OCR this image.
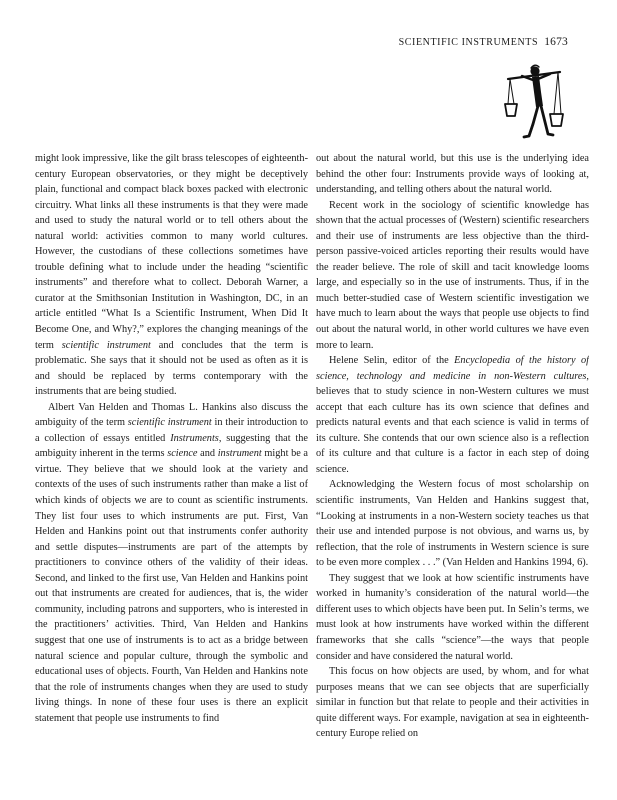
SCIENTIFIC INSTRUMENTS 1673

might look impressive, like the gilt brass telescopes of eighteenth-century European observatories, or they might be deceptively plain, functional and compact black boxes packed with electronic circuitry. What links all these instruments is that they were made and used to study the natural world or to tell others about the natural world: activities common to many world cultures. However, the custodians of these collections sometimes have trouble defining what to include under the heading “scientific instruments” and therefore what to collect. Deborah Warner, a curator at the Smithsonian Institution in Washington, DC, in an article entitled “What Is a Scientific Instrument, When Did It Become One, and Why?,” explores the changing meanings of the term scientific instrument and concludes that the term is problematic. She says that it should not be used as often as it is and should be replaced by terms contemporary with the instruments that are being studied.

Albert Van Helden and Thomas L. Hankins also discuss the ambiguity of the term scientific instrument in their introduction to a collection of essays entitled Instruments, suggesting that the ambiguity inherent in the terms science and instrument might be a virtue. They believe that we should look at the variety and contexts of the uses of such instruments rather than make a list of which kinds of objects we are to count as scientific instruments. They list four uses to which instruments are put. First, Van Helden and Hankins point out that instruments confer authority and settle disputes—instruments are part of the attempts by practitioners to convince others of the validity of their ideas. Second, and linked to the first use, Van Helden and Hankins point out that instruments are created for audiences, that is, the wider community, including patrons and supporters, who is interested in the practitioners’ activities. Third, Van Helden and Hankins suggest that one use of instruments is to act as a bridge between natural science and popular culture, through the symbolic and educational uses of objects. Fourth, Van Helden and Hankins note that the role of instruments changes when they are used to study living things. In none of these four uses is there an explicit statement that people use instruments to find

out about the natural world, but this use is the underlying idea behind the other four: Instruments provide ways of looking at, understanding, and telling others about the natural world.

Recent work in the sociology of scientific knowledge has shown that the actual processes of (Western) scientific researchers and their use of instruments are less objective than the third-person passive-voiced articles reporting their results would have the reader believe. The role of skill and tacit knowledge looms large, and especially so in the use of instruments. Thus, if in the much better-studied case of Western scientific investigation we have much to learn about the ways that people use objects to find out about the natural world, in other world cultures we have even more to learn.

Helene Selin, editor of the Encyclopedia of the history of science, technology and medicine in non-Western cultures, believes that to study science in non-Western cultures we must accept that each culture has its own science that defines and predicts natural events and that each science is valid in terms of its culture. She contends that our own science also is a reflection of its culture and that culture is a factor in each step of doing science.

Acknowledging the Western focus of most scholarship on scientific instruments, Van Helden and Hankins suggest that, “Looking at instruments in a non-Western society teaches us that their use and intended purpose is not obvious, and warns us, by reflection, that the role of instruments in Western science is sure to be even more complex . . .” (Van Helden and Hankins 1994, 6).

They suggest that we look at how scientific instruments have worked in humanity’s consideration of the natural world—the different uses to which objects have been put. In Selin’s terms, we must look at how instruments have worked within the different frameworks that she calls “science”—the ways that people consider and have considered the natural world.

This focus on how objects are used, by whom, and for what purposes means that we can see objects that are superficially similar in function but that relate to people and their activities in quite different ways. For example, navigation at sea in eighteenth-century Europe relied on
